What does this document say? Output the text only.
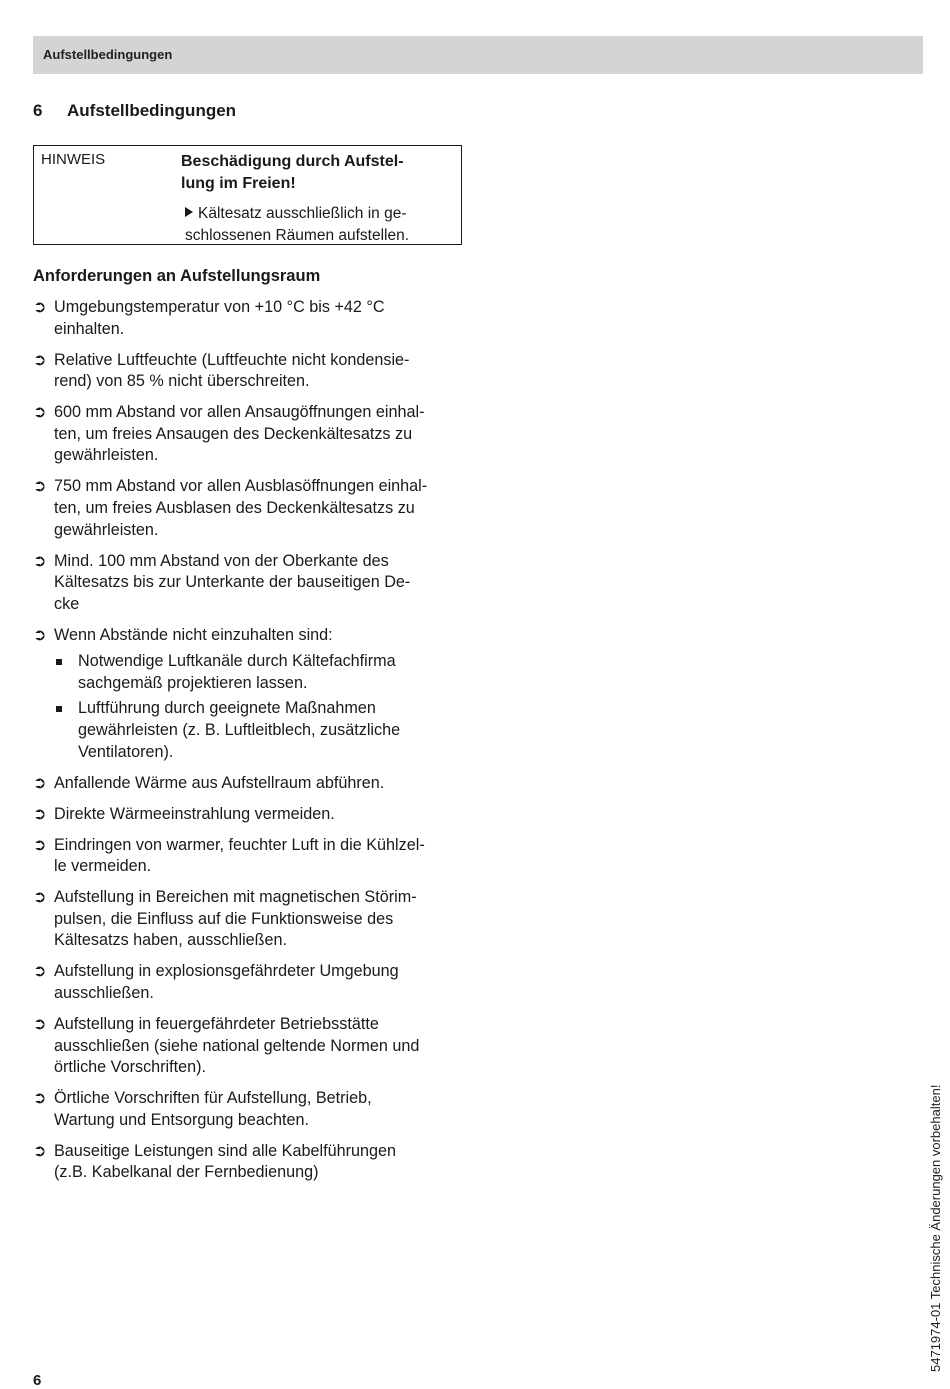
Aufstellbedingungen
6 Aufstellbedingungen
HINWEIS	Beschädigung durch Aufstel-
lung im Freien!
Kältesatz ausschließlich in ge-
schlossenen Räumen aufstellen.
Anforderungen an Aufstellungsraum
➲ Umgebungstemperatur von +10 °C bis +42 °C
einhalten.
➲ Relative Luftfeuchte (Luftfeuchte nicht kondensie-
rend) von 85 % nicht überschreiten.
➲ 600 mm Abstand vor allen Ansaugöffnungen einhal-
ten, um freies Ansaugen des Deckenkältesatzs zu
gewährleisten.
➲ 750 mm Abstand vor allen Ausblasöffnungen einhal-
ten, um freies Ausblasen des Deckenkältesatzs zu
gewährleisten.
➲ Mind. 100 mm Abstand von der Oberkante des
Kältesatzs bis zur Unterkante der bauseitigen De-
cke
➲ Wenn Abstände nicht einzuhalten sind:
Notwendige Luftkanäle durch Kältefachfirma
sachgemäß projektieren lassen.
Luftführung durch geeignete Maßnahmen
gewährleisten (z. B. Luftleitblech, zusätzliche
Ventilatoren).
➲ Anfallende Wärme aus Aufstellraum abführen.
➲ Direkte Wärmeeinstrahlung vermeiden.
➲ Eindringen von warmer, feuchter Luft in die Kühlzel-
le vermeiden.
➲ Aufstellung in Bereichen mit magnetischen Störim-
pulsen, die Einfluss auf die Funktionsweise des
Kältesatzs haben, ausschließen.
➲ Aufstellung in explosionsgefährdeter Umgebung
ausschließen.
➲ Aufstellung in feuergefährdeter Betriebsstätte
ausschließen (siehe national geltende Normen und
örtliche Vorschriften).
➲ Örtliche Vorschriften für Aufstellung, Betrieb,
Wartung und Entsorgung beachten.
➲ Bauseitige Leistungen sind alle Kabelführungen
(z.B. Kabelkanal der Fernbedienung)	5471974-01 Technische Änderungen vorbehalten!
6
